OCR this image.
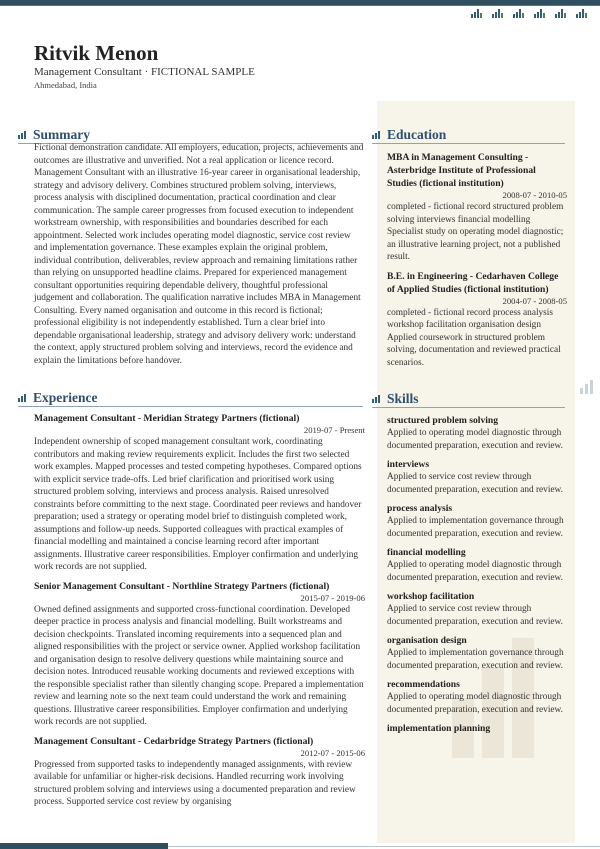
Ritvik Menon
Management Consultant · FICTIONAL SAMPLE
Ahmedabad, India
Summary
Fictional demonstration candidate. All employers, education, projects, achievements and outcomes are illustrative and unverified. Not a real application or licence record. Management Consultant with an illustrative 16-year career in organisational leadership, strategy and advisory delivery. Combines structured problem solving, interviews, process analysis with disciplined documentation, practical coordination and clear communication. The sample career progresses from focused execution to independent workstream ownership, with responsibilities and boundaries described for each appointment. Selected work includes operating model diagnostic, service cost review and implementation governance. These examples explain the original problem, individual contribution, deliverables, review approach and remaining limitations rather than relying on unsupported headline claims. Prepared for experienced management consultant opportunities requiring dependable delivery, thoughtful professional judgement and collaboration. The qualification narrative includes MBA in Management Consulting. Every named organisation and outcome in this record is fictional; professional eligibility is not independently established. Turn a clear brief into dependable organisational leadership, strategy and advisory delivery work: understand the context, apply structured problem solving and interviews, record the evidence and explain the limitations before handover.
Education
MBA in Management Consulting - Asterbridge Institute of Professional Studies (fictional institution)
2008-07 - 2010-05
completed - fictional record structured problem solving interviews financial modelling Specialist study on operating model diagnostic; an illustrative learning project, not a published result.
B.E. in Engineering - Cedarhaven College of Applied Studies (fictional institution)
2004-07 - 2008-05
completed - fictional record process analysis workshop facilitation organisation design Applied coursework in structured problem solving, documentation and reviewed practical scenarios.
Experience
Management Consultant - Meridian Strategy Partners (fictional)
2019-07 - Present
Independent ownership of scoped management consultant work, coordinating contributors and making review requirements explicit. Includes the first two selected work examples. Mapped processes and tested competing hypotheses. Compared options with explicit service trade-offs. Led brief clarification and prioritised work using structured problem solving, interviews and process analysis. Raised unresolved constraints before committing to the next stage. Coordinated peer reviews and handover preparation; used a strategy or operating model brief to distinguish completed work, assumptions and follow-up needs. Supported colleagues with practical examples of financial modelling and maintained a concise learning record after important assignments. Illustrative career responsibilities. Employer confirmation and underlying work records are not supplied.
Senior Management Consultant - Northline Strategy Partners (fictional)
2015-07 - 2019-06
Owned defined assignments and supported cross-functional coordination. Developed deeper practice in process analysis and financial modelling. Built workstreams and decision checkpoints. Translated incoming requirements into a sequenced plan and aligned responsibilities with the project or service owner. Applied workshop facilitation and organisation design to resolve delivery questions while maintaining source and decision notes. Introduced reusable working documents and reviewed exceptions with the responsible specialist rather than silently changing scope. Prepared a implementation review and learning note so the next team could understand the work and remaining questions. Illustrative career responsibilities. Employer confirmation and underlying work records are not supplied.
Management Consultant - Cedarbridge Strategy Partners (fictional)
2012-07 - 2015-06
Progressed from supported tasks to independently managed assignments, with review available for unfamiliar or higher-risk decisions. Handled recurring work involving structured problem solving and interviews using a documented preparation and review process. Supported service cost review by organising
Skills
structured problem solving
Applied to operating model diagnostic through documented preparation, execution and review.
interviews
Applied to service cost review through documented preparation, execution and review.
process analysis
Applied to implementation governance through documented preparation, execution and review.
financial modelling
Applied to operating model diagnostic through documented preparation, execution and review.
workshop facilitation
Applied to service cost review through documented preparation, execution and review.
organisation design
Applied to implementation governance through documented preparation, execution and review.
recommendations
Applied to operating model diagnostic through documented preparation, execution and review.
implementation planning
